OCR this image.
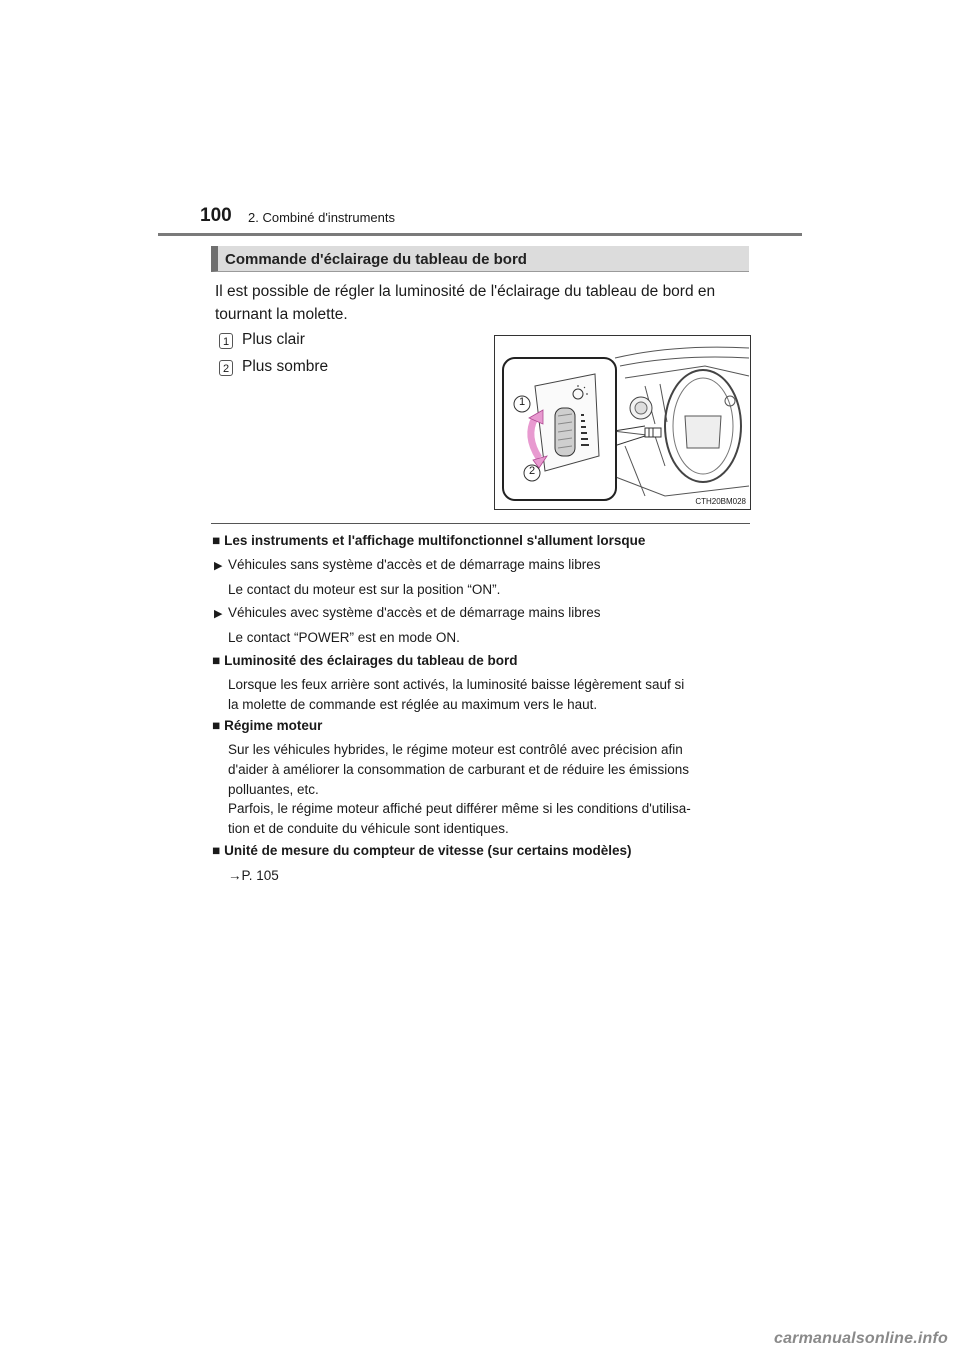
100 2. Combiné d'instruments
Commande d'éclairage du tableau de bord
Il est possible de régler la luminosité de l'éclairage du tableau de bord en tournant la molette.
1 Plus clair
2 Plus sombre
1
2
CTH20BM028
■ Les instruments et l'affichage multifonctionnel s'allument lorsque
▶ Véhicules sans système d'accès et de démarrage mains libres
Le contact du moteur est sur la position “ON”.
▶ Véhicules avec système d'accès et de démarrage mains libres
Le contact “POWER” est en mode ON.
■ Luminosité des éclairages du tableau de bord
Lorsque les feux arrière sont activés, la luminosité baisse légèrement sauf si
la molette de commande est réglée au maximum vers le haut.
■ Régime moteur
Sur les véhicules hybrides, le régime moteur est contrôlé avec précision afin
d'aider à améliorer la consommation de carburant et de réduire les émissions
polluantes, etc.
Parfois, le régime moteur affiché peut différer même si les conditions d'utilisa-
tion et de conduite du véhicule sont identiques.
■ Unité de mesure du compteur de vitesse (sur certains modèles)
→P. 105
carmanualsonline.info
